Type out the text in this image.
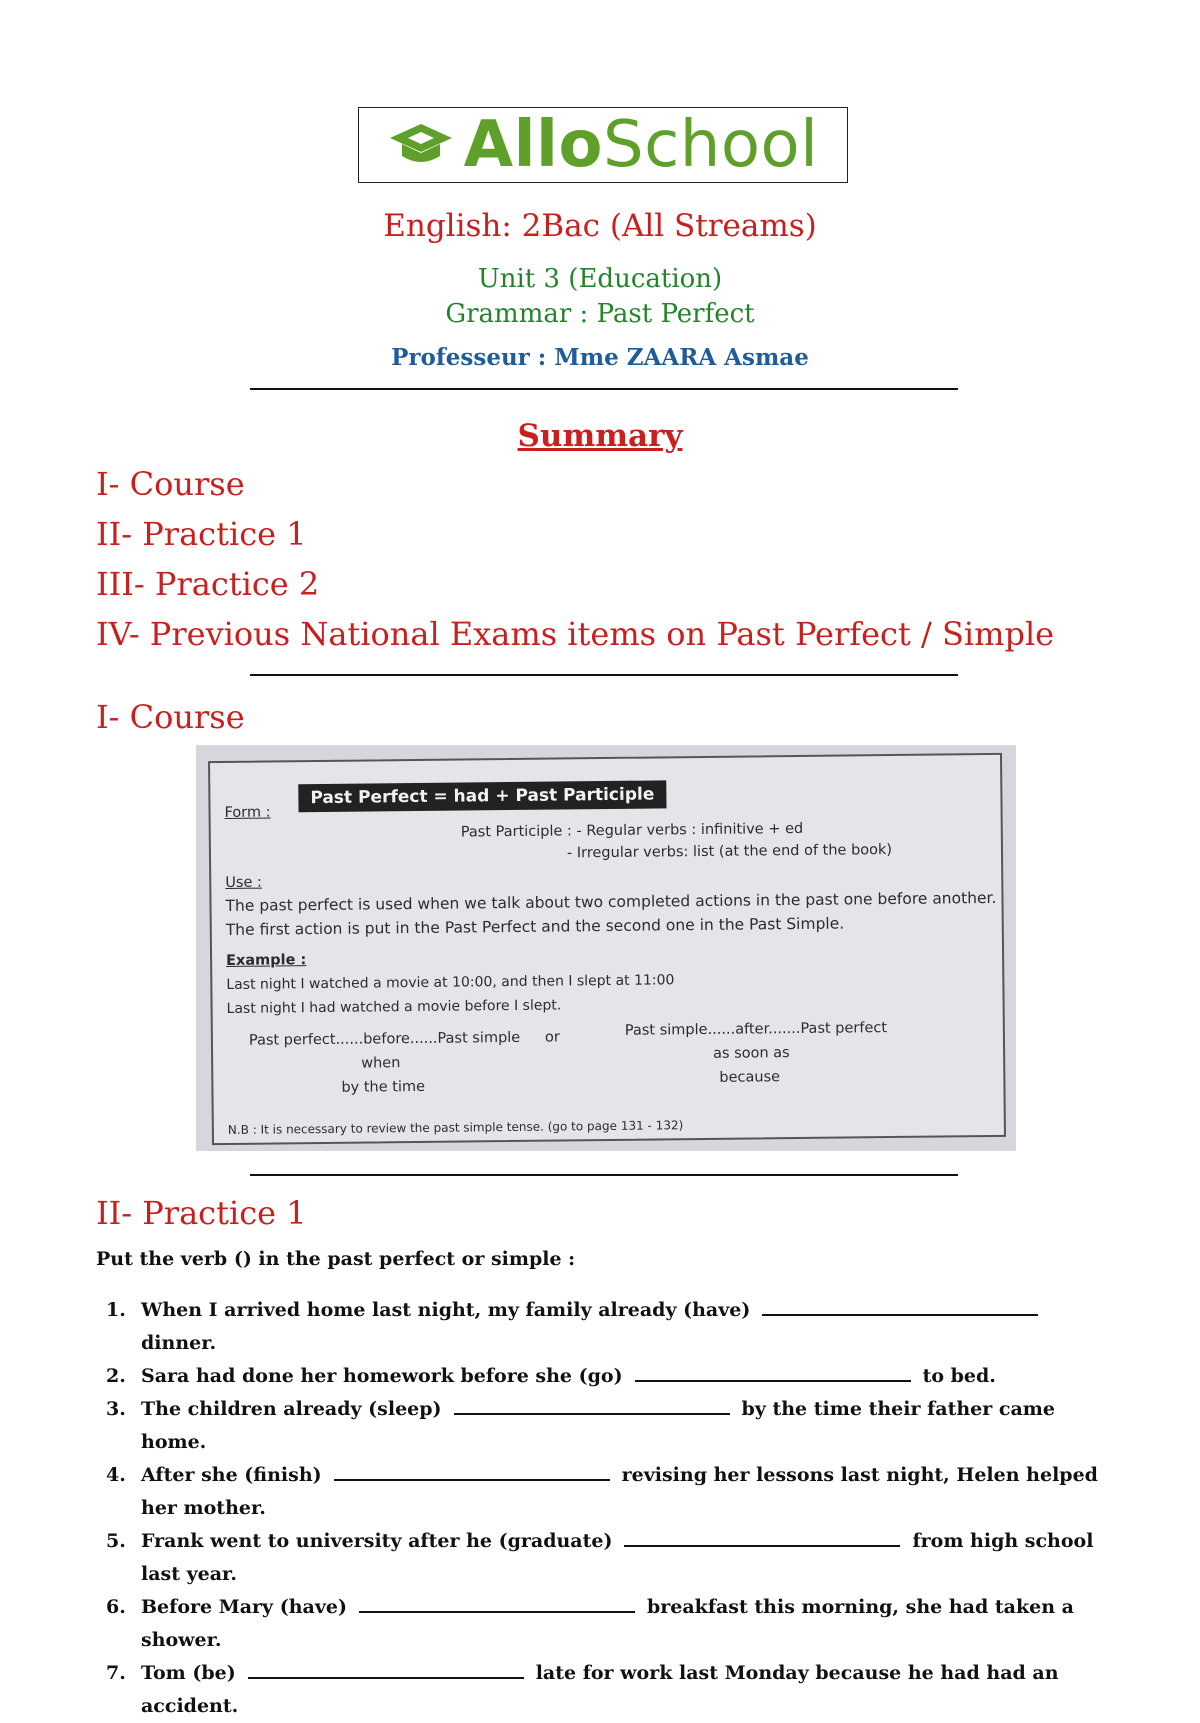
AlloSchool
English: 2Bac (All Streams)
Unit 3 (Education)
Grammar : Past Perfect
Professeur : Mme ZAARA Asmae
Summary
I- Course
II- Practice 1
III- Practice 2
IV- Previous National Exams items on Past Perfect / Simple
I- Course
Form :
Past Perfect = had + Past Participle
Past Participle : - Regular verbs : infinitive + ed
- Irregular verbs: list (at the end of the book)
Use :
The past perfect is used when we talk about two completed actions in the past one before another.
The first action is put in the Past Perfect and the second one in the Past Simple.
Example :
Last night I watched a movie at 10:00, and then I slept at 11:00
Last night I had watched a movie before I slept.
Past perfect......before......Past simple
when
by the time
or	Past simple......after.......Past perfect
as soon as
because
N.B : It is necessary to review the past simple tense. (go to page 131 - 132)
II- Practice 1
Put the verb () in the past perfect or simple :
1. When I arrived home last night, my family already (have)dinner.
2. Sara had done her homework before she (go)	to bed.
3. The children already (sleep)	by the time their father came home.
4. After she (finish)	revising her lessons last night, Helen helped her mother.
5. Frank went to university after he (graduate)	from high school last year.
6. Before Mary (have)	breakfast this morning, she had taken a shower.
7. Tom (be)	late for work last Monday because he had had an accident.
